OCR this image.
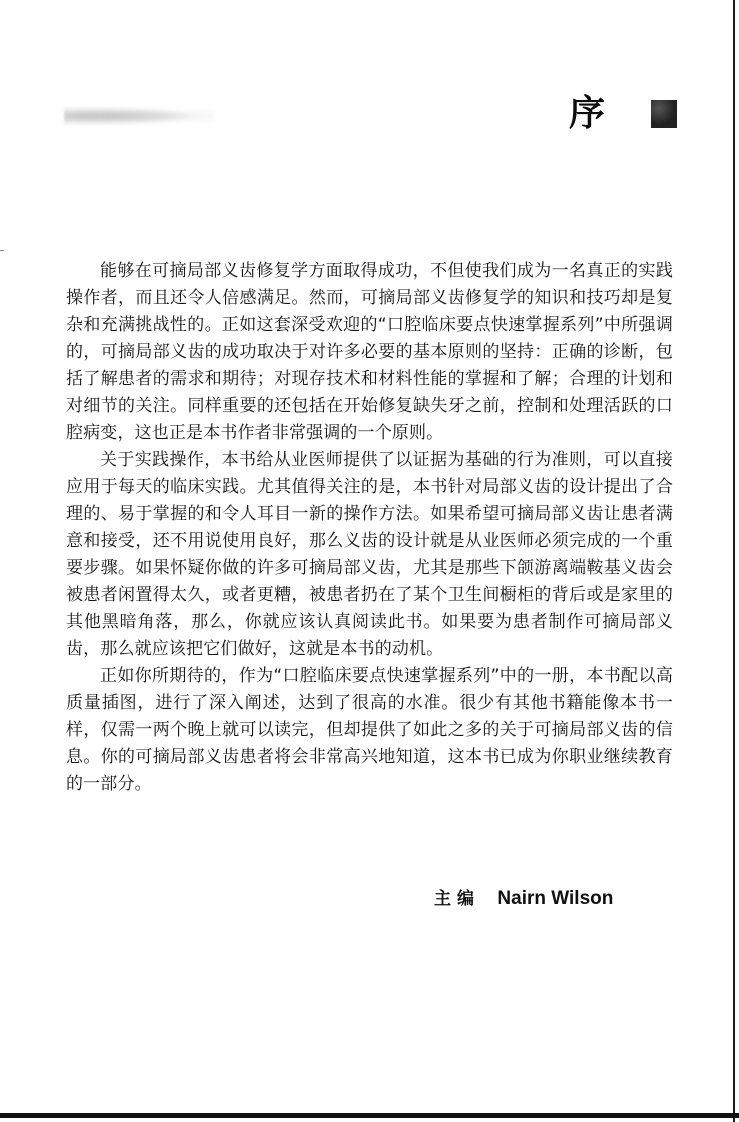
序

能够在可摘局部义齿修复学方面取得成功，不但使我们成为一名真正的实践操作者，而且还令人倍感满足。然而，可摘局部义齿修复学的知识和技巧却是复杂和充满挑战性的。正如这套深受欢迎的“口腔临床要点快速掌握系列”中所强调的，可摘局部义齿的成功取决于对许多必要的基本原则的坚持：正确的诊断，包括了解患者的需求和期待；对现存技术和材料性能的掌握和了解；合理的计划和对细节的关注。同样重要的还包括在开始修复缺失牙之前，控制和处理活跃的口腔病变，这也正是本书作者非常强调的一个原则。

关于实践操作，本书给从业医师提供了以证据为基础的行为准则，可以直接应用于每天的临床实践。尤其值得关注的是，本书针对局部义齿的设计提出了合理的、易于掌握的和令人耳目一新的操作方法。如果希望可摘局部义齿让患者满意和接受，还不用说使用良好，那么义齿的设计就是从业医师必须完成的一个重要步骤。如果怀疑你做的许多可摘局部义齿，尤其是那些下颌游离端鞍基义齿会被患者闲置得太久，或者更糟，被患者扔在了某个卫生间橱柜的背后或是家里的其他黑暗角落，那么，你就应该认真阅读此书。如果要为患者制作可摘局部义齿，那么就应该把它们做好，这就是本书的动机。

正如你所期待的，作为“口腔临床要点快速掌握系列”中的一册，本书配以高质量插图，进行了深入阐述，达到了很高的水准。很少有其他书籍能像本书一样，仅需一两个晚上就可以读完，但却提供了如此之多的关于可摘局部义齿的信息。你的可摘局部义齿患者将会非常高兴地知道，这本书已成为你职业继续教育的一部分。

主编 Nairn Wilson
